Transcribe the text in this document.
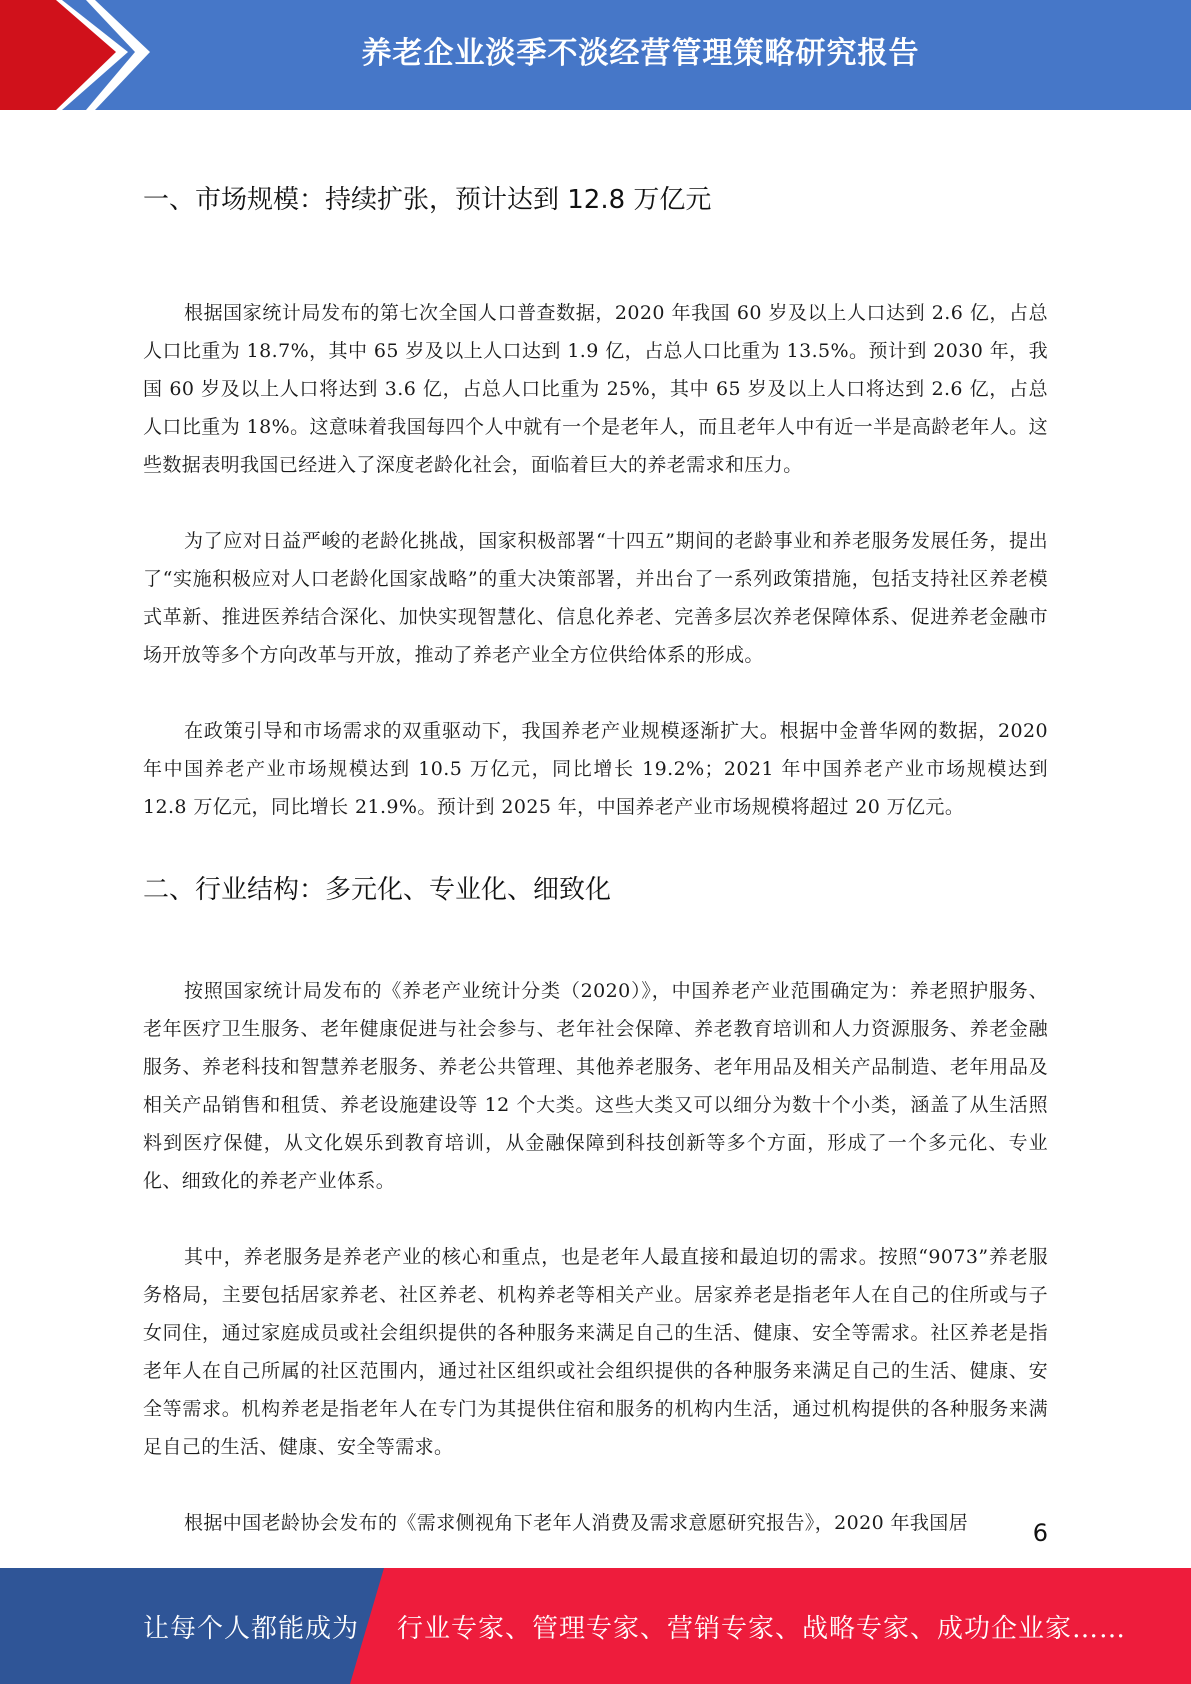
养老企业淡季不淡经营管理策略研究报告
一、市场规模：持续扩张，预计达到 12.8 万亿元

根据国家统计局发布的第七次全国人口普查数据，2020 年我国 60 岁及以上人口达到 2.6 亿，占总人口比重为 18.7%，其中 65 岁及以上人口达到 1.9 亿，占总人口比重为 13.5%。预计到 2030 年，我国 60 岁及以上人口将达到 3.6 亿，占总人口比重为 25%，其中 65 岁及以上人口将达到 2.6 亿，占总人口比重为 18%。这意味着我国每四个人中就有一个是老年人，而且老年人中有近一半是高龄老年人。这些数据表明我国已经进入了深度老龄化社会，面临着巨大的养老需求和压力。

为了应对日益严峻的老龄化挑战，国家积极部署“十四五”期间的老龄事业和养老服务发展任务，提出了“实施积极应对人口老龄化国家战略”的重大决策部署，并出台了一系列政策措施，包括支持社区养老模式革新、推进医养结合深化、加快实现智慧化、信息化养老、完善多层次养老保障体系、促进养老金融市场开放等多个方向改革与开放，推动了养老产业全方位供给体系的形成。

在政策引导和市场需求的双重驱动下，我国养老产业规模逐渐扩大。根据中金普华网的数据，2020 年中国养老产业市场规模达到 10.5 万亿元，同比增长 19.2%；2021 年中国养老产业市场规模达到 12.8 万亿元，同比增长 21.9%。预计到 2025 年，中国养老产业市场规模将超过 20 万亿元。

二、行业结构：多元化、专业化、细致化

按照国家统计局发布的《养老产业统计分类（2020）》，中国养老产业范围确定为：养老照护服务、老年医疗卫生服务、老年健康促进与社会参与、老年社会保障、养老教育培训和人力资源服务、养老金融服务、养老科技和智慧养老服务、养老公共管理、其他养老服务、老年用品及相关产品制造、老年用品及相关产品销售和租赁、养老设施建设等 12 个大类。这些大类又可以细分为数十个小类，涵盖了从生活照料到医疗保健，从文化娱乐到教育培训，从金融保障到科技创新等多个方面，形成了一个多元化、专业化、细致化的养老产业体系。

其中，养老服务是养老产业的核心和重点，也是老年人最直接和最迫切的需求。按照“9073”养老服务格局，主要包括居家养老、社区养老、机构养老等相关产业。居家养老是指老年人在自己的住所或与子女同住，通过家庭成员或社会组织提供的各种服务来满足自己的生活、健康、安全等需求。社区养老是指老年人在自己所属的社区范围内，通过社区组织或社会组织提供的各种服务来满足自己的生活、健康、安全等需求。机构养老是指老年人在专门为其提供住宿和服务的机构内生活，通过机构提供的各种服务来满足自己的生活、健康、安全等需求。

根据中国老龄协会发布的《需求侧视角下老年人消费及需求意愿研究报告》，2020 年我国居	6
让每个人都能成为 行业专家、管理专家、营销专家、战略专家、成功企业家……
